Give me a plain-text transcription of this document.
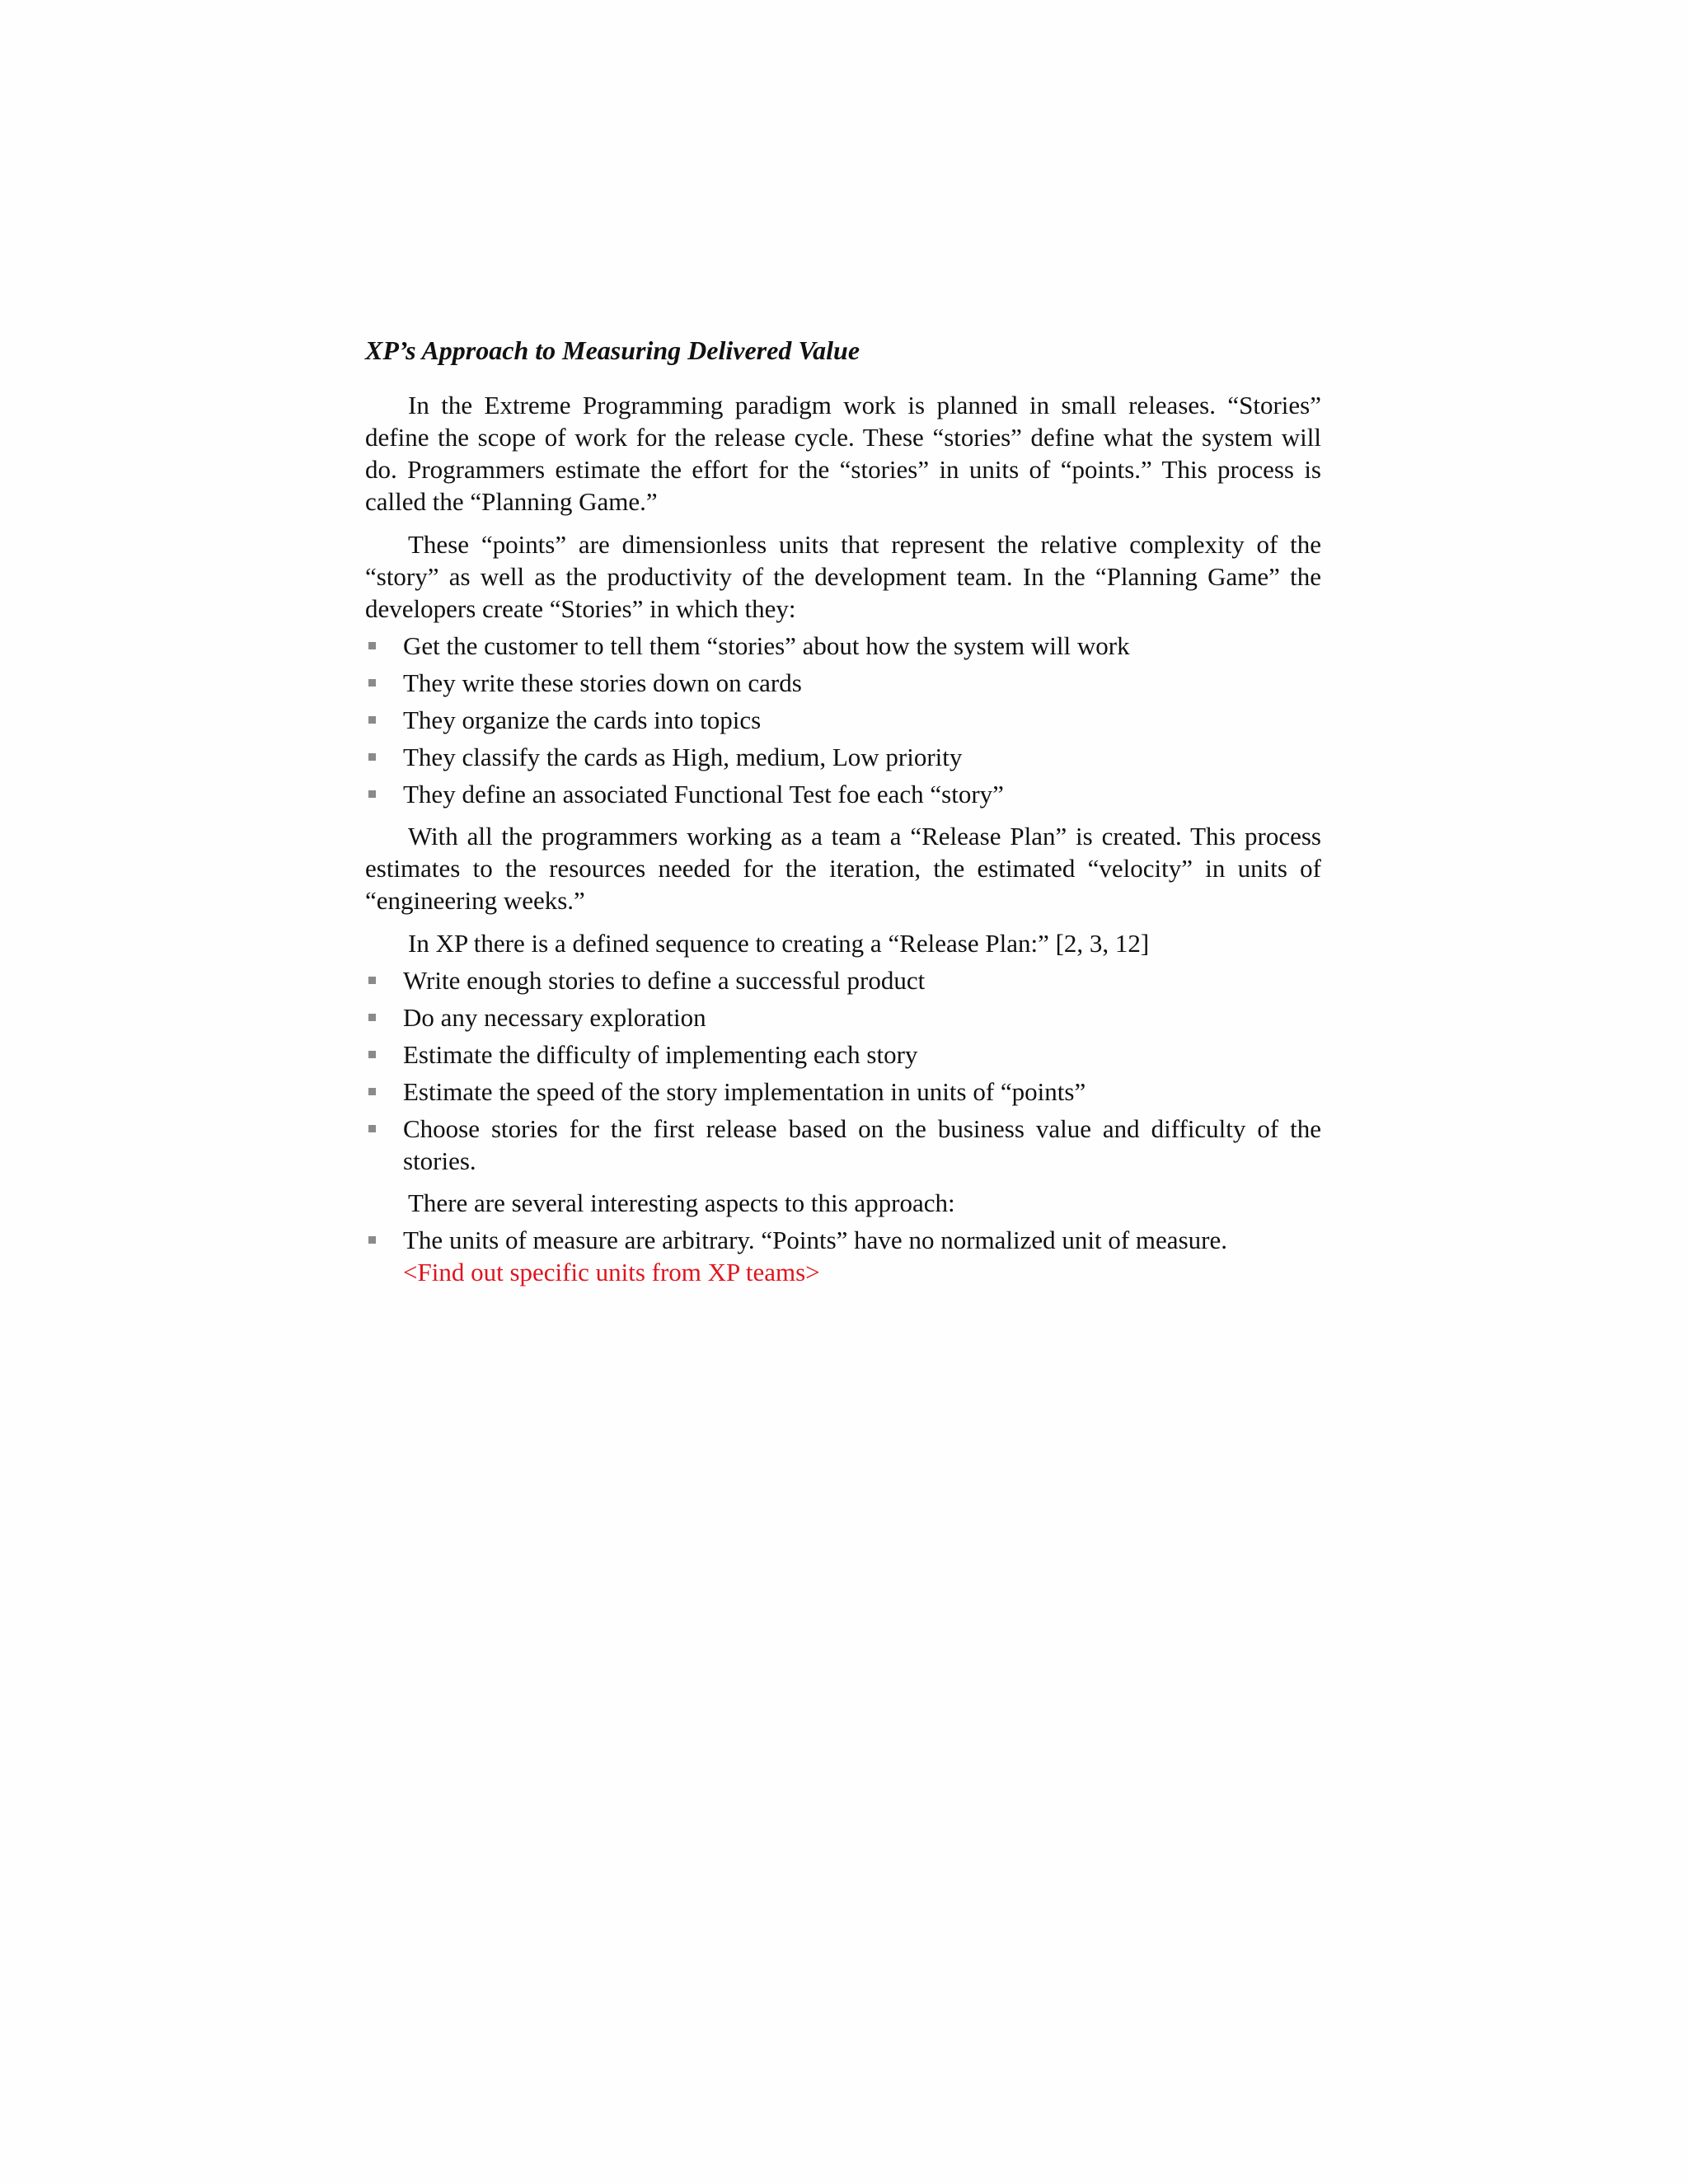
XP’s Approach to Measuring Delivered Value

In the Extreme Programming paradigm work is planned in small releases. “Stories” define the scope of work for the release cycle. These “stories” define what the system will do. Programmers estimate the effort for the “stories” in units of “points.” This process is called the “Planning Game.”

These “points” are dimensionless units that represent the relative complexity of the “story” as well as the productivity of the development team. In the “Planning Game” the developers create “Stories” in which they:

Get the customer to tell them “stories” about how the system will work
They write these stories down on cards
They organize the cards into topics
They classify the cards as High, medium, Low priority
They define an associated Functional Test foe each “story”

With all the programmers working as a team a “Release Plan” is created. This process estimates to the resources needed for the iteration, the estimated “velocity” in units of “engineering weeks.”

In XP there is a defined sequence to creating a “Release Plan:” [2, 3, 12]

Write enough stories to define a successful product
Do any necessary exploration
Estimate the difficulty of implementing each story
Estimate the speed of the story implementation in units of “points”
Choose stories for the first release based on the business value and difficulty of the stories.

There are several interesting aspects to this approach:

The units of measure are arbitrary. “Points” have no normalized unit of measure.
<Find out specific units from XP teams>
